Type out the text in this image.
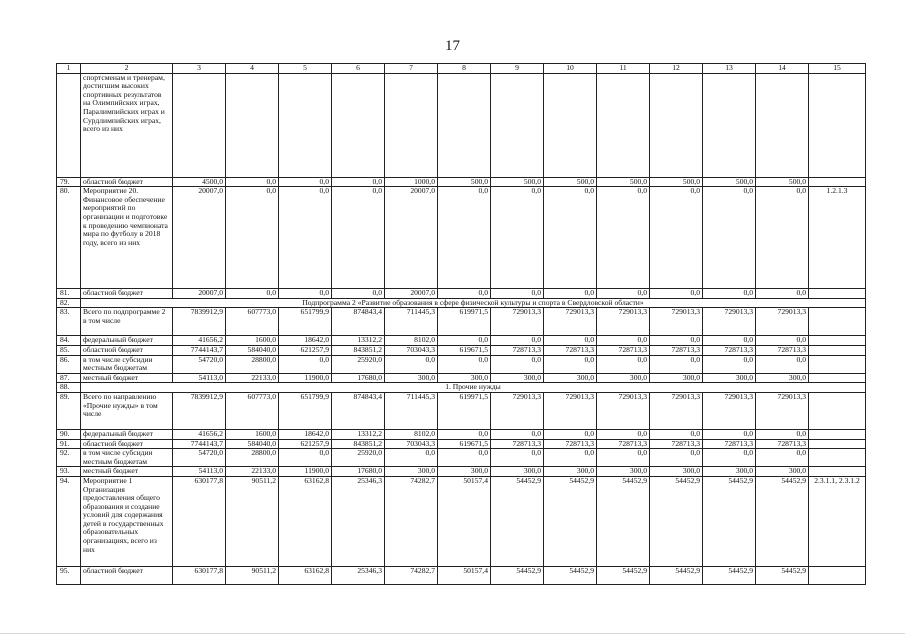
17
1	2	3	4	5	6	7	8	9	10	11	12	13	14	15
	спортсменам и тренерам, достигшим высоких спортивных результатов на Олимпийских играх, Паралимпийских играх и Сурдлимпийских играх, всего из них													
79.	областной бюджет	4500,0	0,0	0,0	0,0	1000,0	500,0	500,0	500,0	500,0	500,0	500,0	500,0	
80.	Мероприятие 20. Финансовое обеспечение мероприятий по организации и подготовке к проведению чемпионата мира по футболу в 2018 году, всего из них	20007,0	0,0	0,0	0,0	20007,0	0,0	0,0	0,0	0,0	0,0	0,0	0,0	1.2.1.3
81.	областной бюджет	20007,0	0,0	0,0	0,0	20007,0	0,0	0,0	0,0	0,0	0,0	0,0	0,0	
82.	Подпрограмма 2 «Развитие образования в сфере физической культуры и спорта в Свердловской области»													
83.	Всего по подпрограмме 2 в том числе	7839912,9	607773,0	651799,9	874843,4	711445,3	619971,5	729013,3	729013,3	729013,3	729013,3	729013,3	729013,3	
84.	федеральный бюджет	41656,2	1600,0	18642,0	13312,2	8102,0	0,0	0,0	0,0	0,0	0,0	0,0	0,0	
85.	областной бюджет	7744143,7	584040,0	621257,9	843851,2	703043,3	619671,5	728713,3	728713,3	728713,3	728713,3	728713,3	728713,3	
86.	в том числе субсидии местным бюджетам	54720,0	28800,0	0,0	25920,0	0,0	0,0	0,0	0,0	0,0	0,0	0,0	0,0	
87.	местный бюджет	54113,0	22133,0	11900,0	17680,0	300,0	300,0	300,0	300,0	300,0	300,0	300,0	300,0	
88.	1. Прочие нужды													
89.	Всего по направлению «Прочие нужды» в том числе	7839912,9	607773,0	651799,9	874843,4	711445,3	619971,5	729013,3	729013,3	729013,3	729013,3	729013,3	729013,3	
90.	федеральный бюджет	41656,2	1600,0	18642,0	13312,2	8102,0	0,0	0,0	0,0	0,0	0,0	0,0	0,0	
91.	областной бюджет	7744143,7	584040,0	621257,9	843851,2	703043,3	619671,5	728713,3	728713,3	728713,3	728713,3	728713,3	728713,3	
92.	в том числе субсидии местным бюджетам	54720,0	28800,0	0,0	25920,0	0,0	0,0	0,0	0,0	0,0	0,0	0,0	0,0	
93.	местный бюджет	54113,0	22133,0	11900,0	17680,0	300,0	300,0	300,0	300,0	300,0	300,0	300,0	300,0	
94.	Мероприятие 1 Организация предоставления общего образования и создание условий для содержания детей в государственных образовательных организациях, всего из них	630177,8	90511,2	63162,8	25346,3	74282,7	50157,4	54452,9	54452,9	54452,9	54452,9	54452,9	54452,9	2.3.1.1, 2.3.1.2
95.	областной бюджет	630177,8	90511,2	63162,8	25346,3	74282,7	50157,4	54452,9	54452,9	54452,9	54452,9	54452,9	54452,9	
